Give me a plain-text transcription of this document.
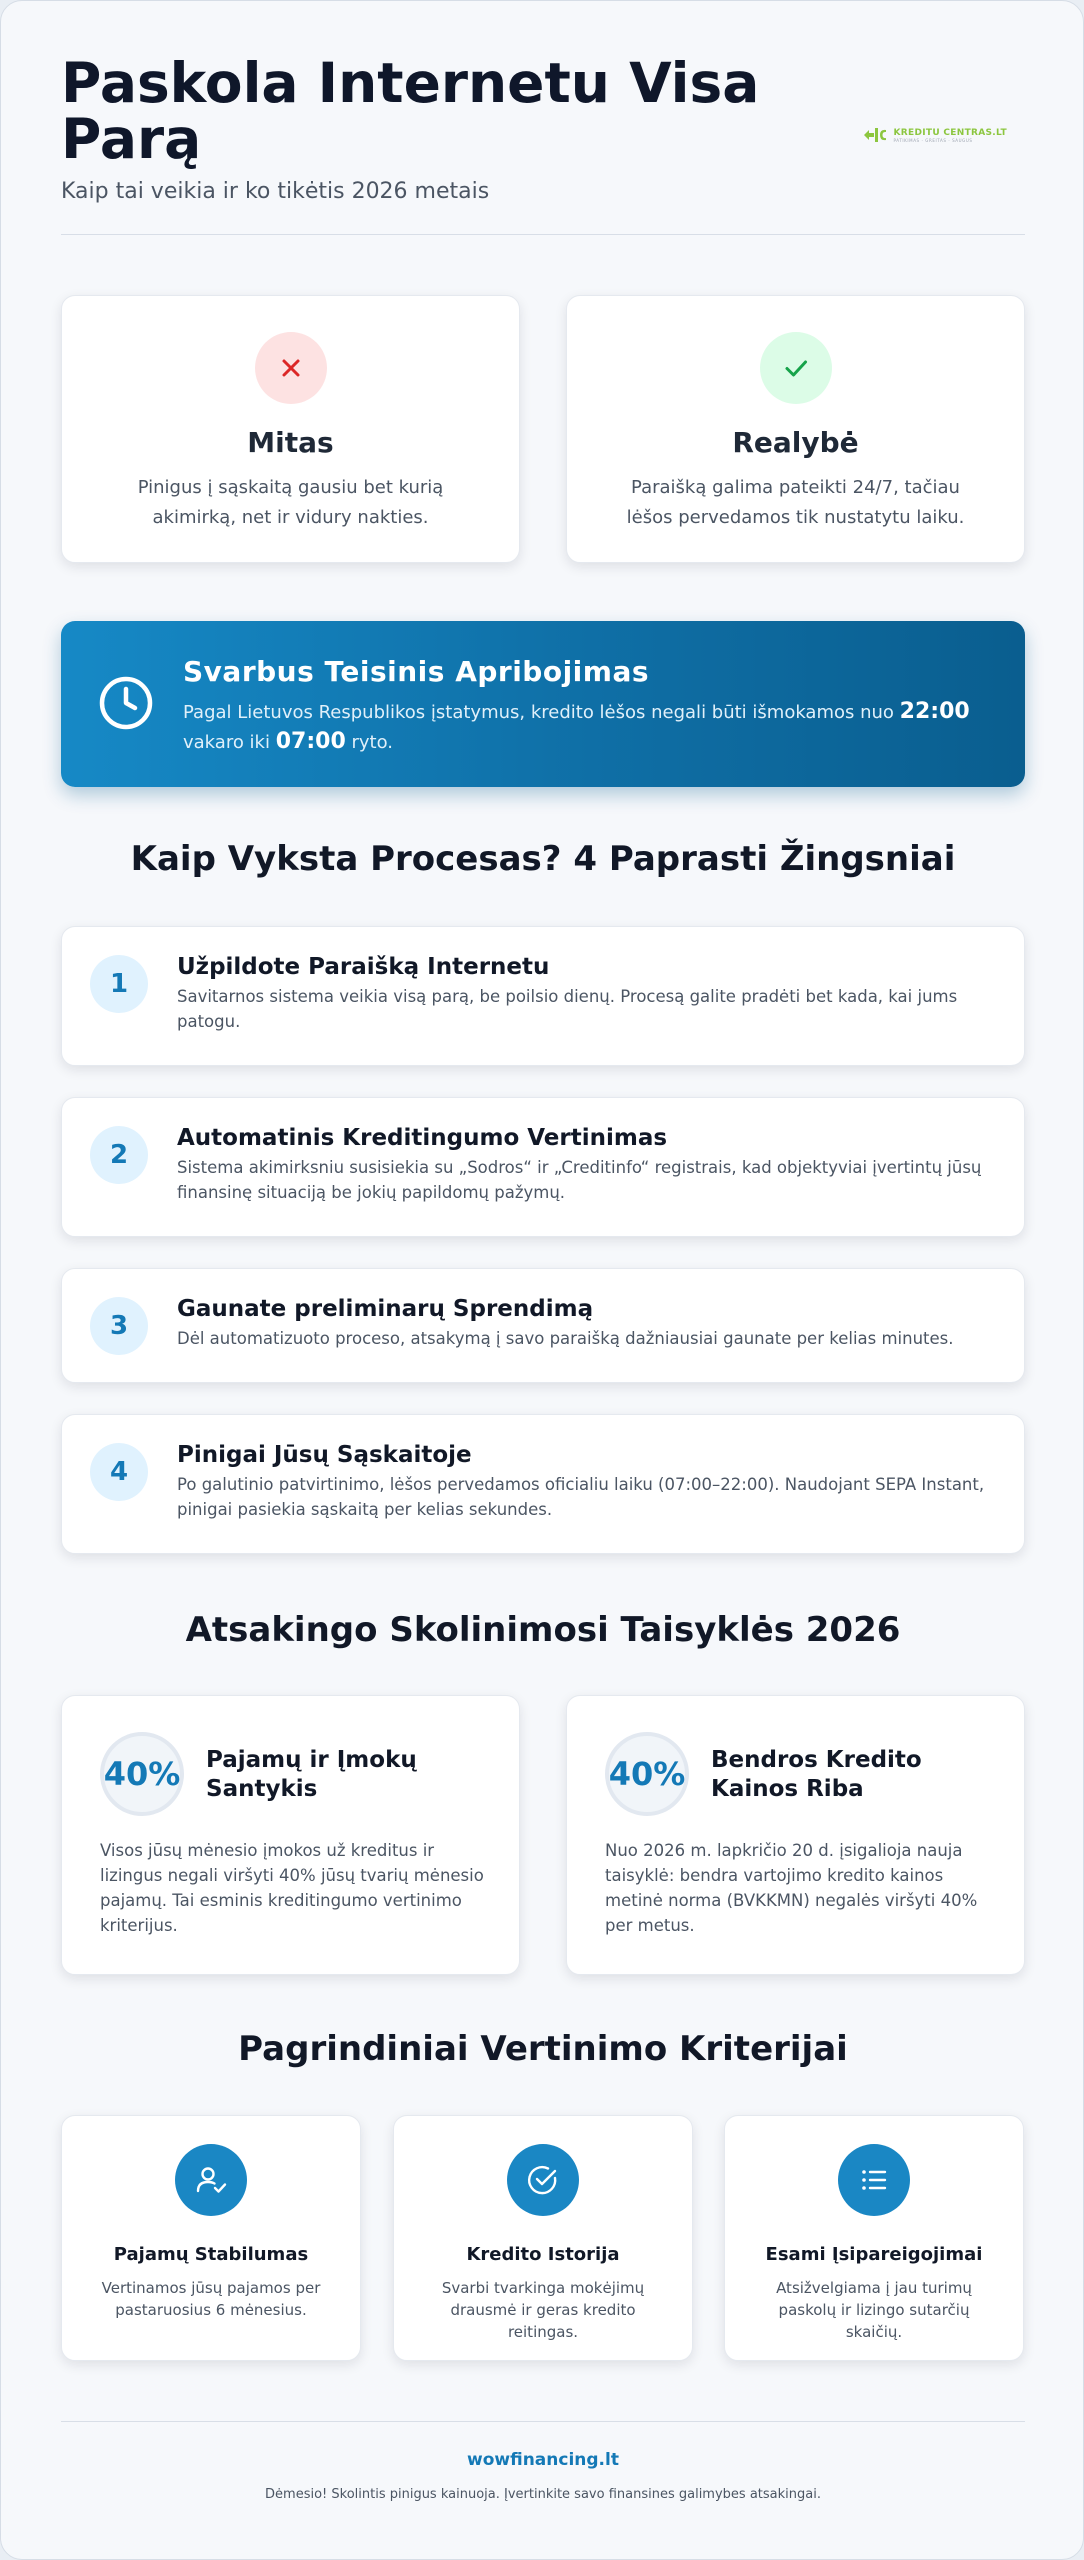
Paskola Internetu Visa Parą
Kaip tai veikia ir ko tikėtis 2026 metais
KREDITU CENTRAS.LT
PATIKIMAS · GREITAS · SAUGUS
Mitas
Pinigus į sąskaitą gausiu bet kurią akimirką, net ir vidury nakties.
Realybė
Paraišką galima pateikti 24/7, tačiau lėšos pervedamos tik nustatytu laiku.
Svarbus Teisinis Apribojimas
Pagal Lietuvos Respublikos įstatymus, kredito lėšos negali būti išmokamos nuo 22:00 vakaro iki 07:00 ryto.
Kaip Vyksta Procesas? 4 Paprasti Žingsniai
1
Užpildote Paraišką Internetu
Savitarnos sistema veikia visą parą, be poilsio dienų. Procesą galite pradėti bet kada, kai jums patogu.
2
Automatinis Kreditingumo Vertinimas
Sistema akimirksniu susisiekia su „Sodros“ ir „Creditinfo“ registrais, kad objektyviai įvertintų jūsų finansinę situaciją be jokių papildomų pažymų.
3
Gaunate preliminarų Sprendimą
Dėl automatizuoto proceso, atsakymą į savo paraišką dažniausiai gaunate per kelias minutes.
4
Pinigai Jūsų Sąskaitoje
Po galutinio patvirtinimo, lėšos pervedamos oficialiu laiku (07:00–22:00). Naudojant SEPA Instant, pinigai pasiekia sąskaitą per kelias sekundes.
Atsakingo Skolinimosi Taisyklės 2026
40% Pajamų ir Įmokų Santykis
Visos jūsų mėnesio įmokos už kreditus ir lizingus negali viršyti 40% jūsų tvarių mėnesio pajamų. Tai esminis kreditingumo vertinimo kriterijus.
40% Bendros Kredito Kainos Riba
Nuo 2026 m. lapkričio 20 d. įsigalioja nauja taisyklė: bendra vartojimo kredito kainos metinė norma (BVKKMN) negalės viršyti 40% per metus.
Pagrindiniai Vertinimo Kriterijai
Pajamų Stabilumas
Vertinamos jūsų pajamos per pastaruosius 6 mėnesius.
Kredito Istorija
Svarbi tvarkinga mokėjimų drausmė ir geras kredito reitingas.
Esami Įsipareigojimai
Atsižvelgiama į jau turimų paskolų ir lizingo sutarčių skaičių.
wowfinancing.lt
Dėmesio! Skolintis pinigus kainuoja. Įvertinkite savo finansines galimybes atsakingai.
